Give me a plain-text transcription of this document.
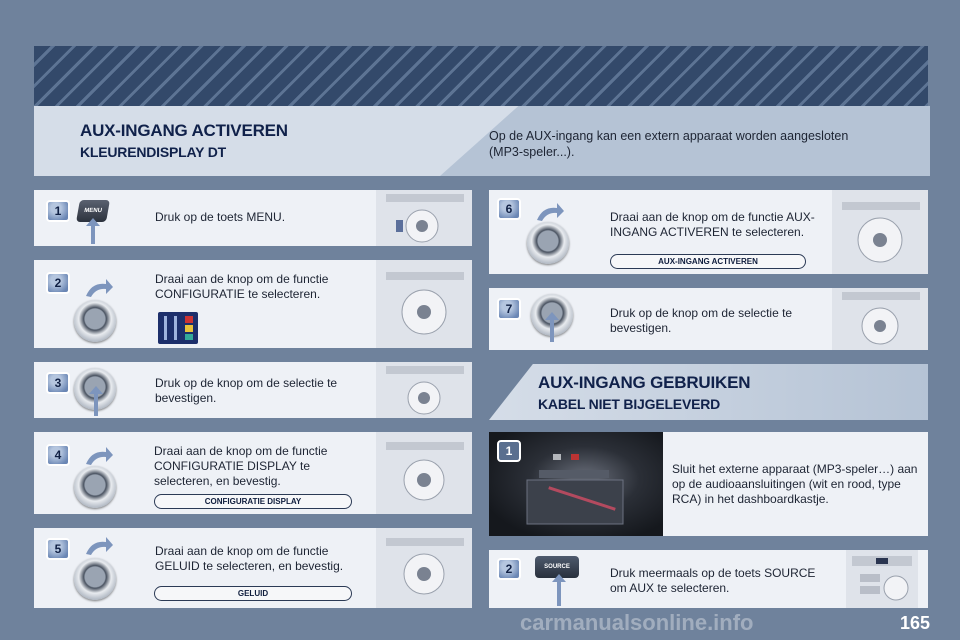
AUX-INGANG ACTIVEREN
KLEURENDISPLAY DT
Op de AUX-ingang kan een extern apparaat worden aangesloten (MP3-speler...).
1	MENU	Druk op de toets MENU.
2	Draai aan de knop om de functie CONFIGURATIE te selecteren.
3	Druk op de knop om de selectie te bevestigen.
4	Draai aan de knop om de functie CONFIGURATIE DISPLAY te selecteren, en bevestig.
CONFIGURATIE DISPLAY
5	Draai aan de knop om de functie GELUID te selecteren, en bevestig.
GELUID
6
Draai aan de knop om de functie AUX-INGANG ACTIVEREN te selecteren.
AUX-INGANG ACTIVEREN
7	Druk op de knop om de selectie te bevestigen.
AUX-INGANG GEBRUIKEN
KABEL NIET BIJGELEVERD
1
Sluit het externe apparaat (MP3-speler…) aan op de audioaansluitingen (wit en rood, type RCA) in het dashboardkastje.
2	SOURCE	Druk meermaals op de toets SOURCE om AUX te selecteren.
carmanualsonline.info	165
